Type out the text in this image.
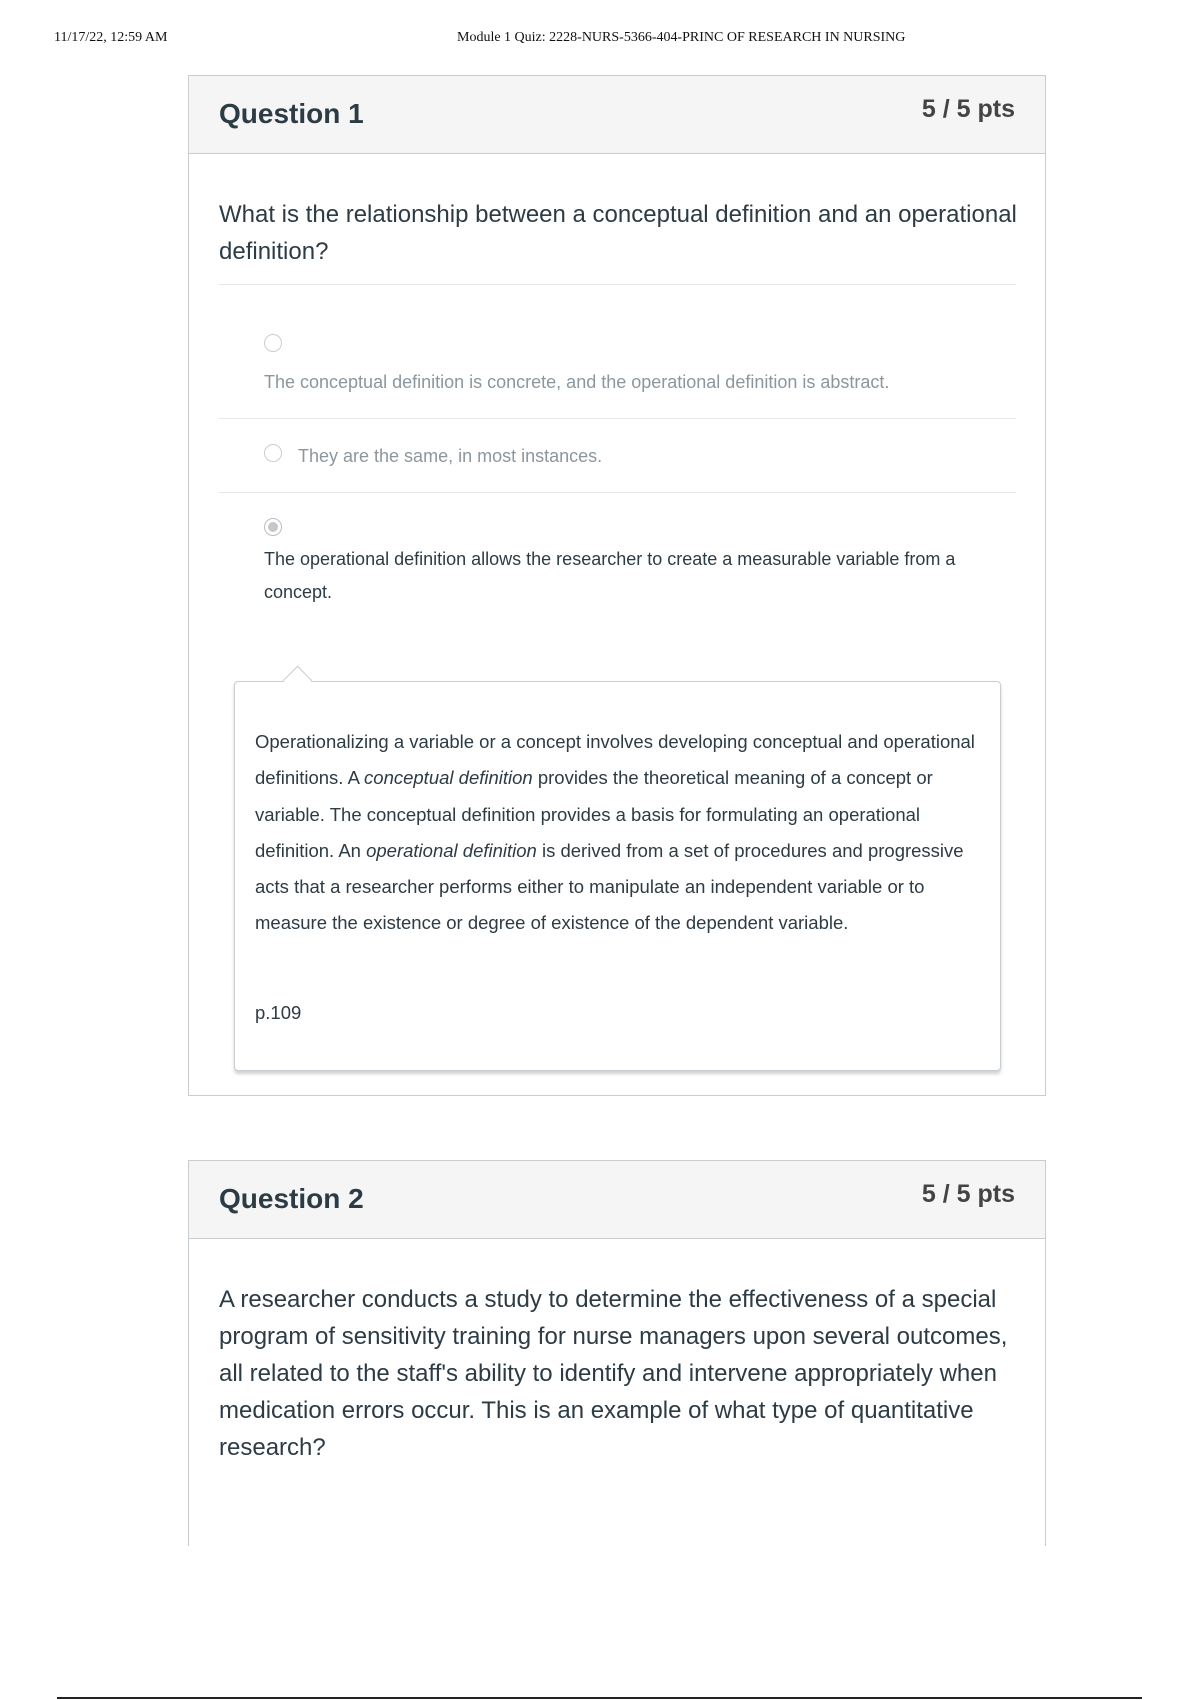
11/17/22, 12:59 AM	Module 1 Quiz: 2228-NURS-5366-404-PRINC OF RESEARCH IN NURSING
Question 1	5 / 5 pts
What is the relationship between a conceptual definition and an operational definition?
The conceptual definition is concrete, and the operational definition is abstract.
They are the same, in most instances.
The operational definition allows the researcher to create a measurable variable from a concept.
Operationalizing a variable or a concept involves developing conceptual and operational definitions. A conceptual definition provides the theoretical meaning of a concept or variable. The conceptual definition provides a basis for formulating an operational definition. An operational definition is derived from a set of procedures and progressive acts that a researcher performs either to manipulate an independent variable or to measure the existence or degree of existence of the dependent variable.
p.109
Question 2	5 / 5 pts
A researcher conducts a study to determine the effectiveness of a special program of sensitivity training for nurse managers upon several outcomes, all related to the staff's ability to identify and intervene appropriately when medication errors occur. This is an example of what type of quantitative research?
